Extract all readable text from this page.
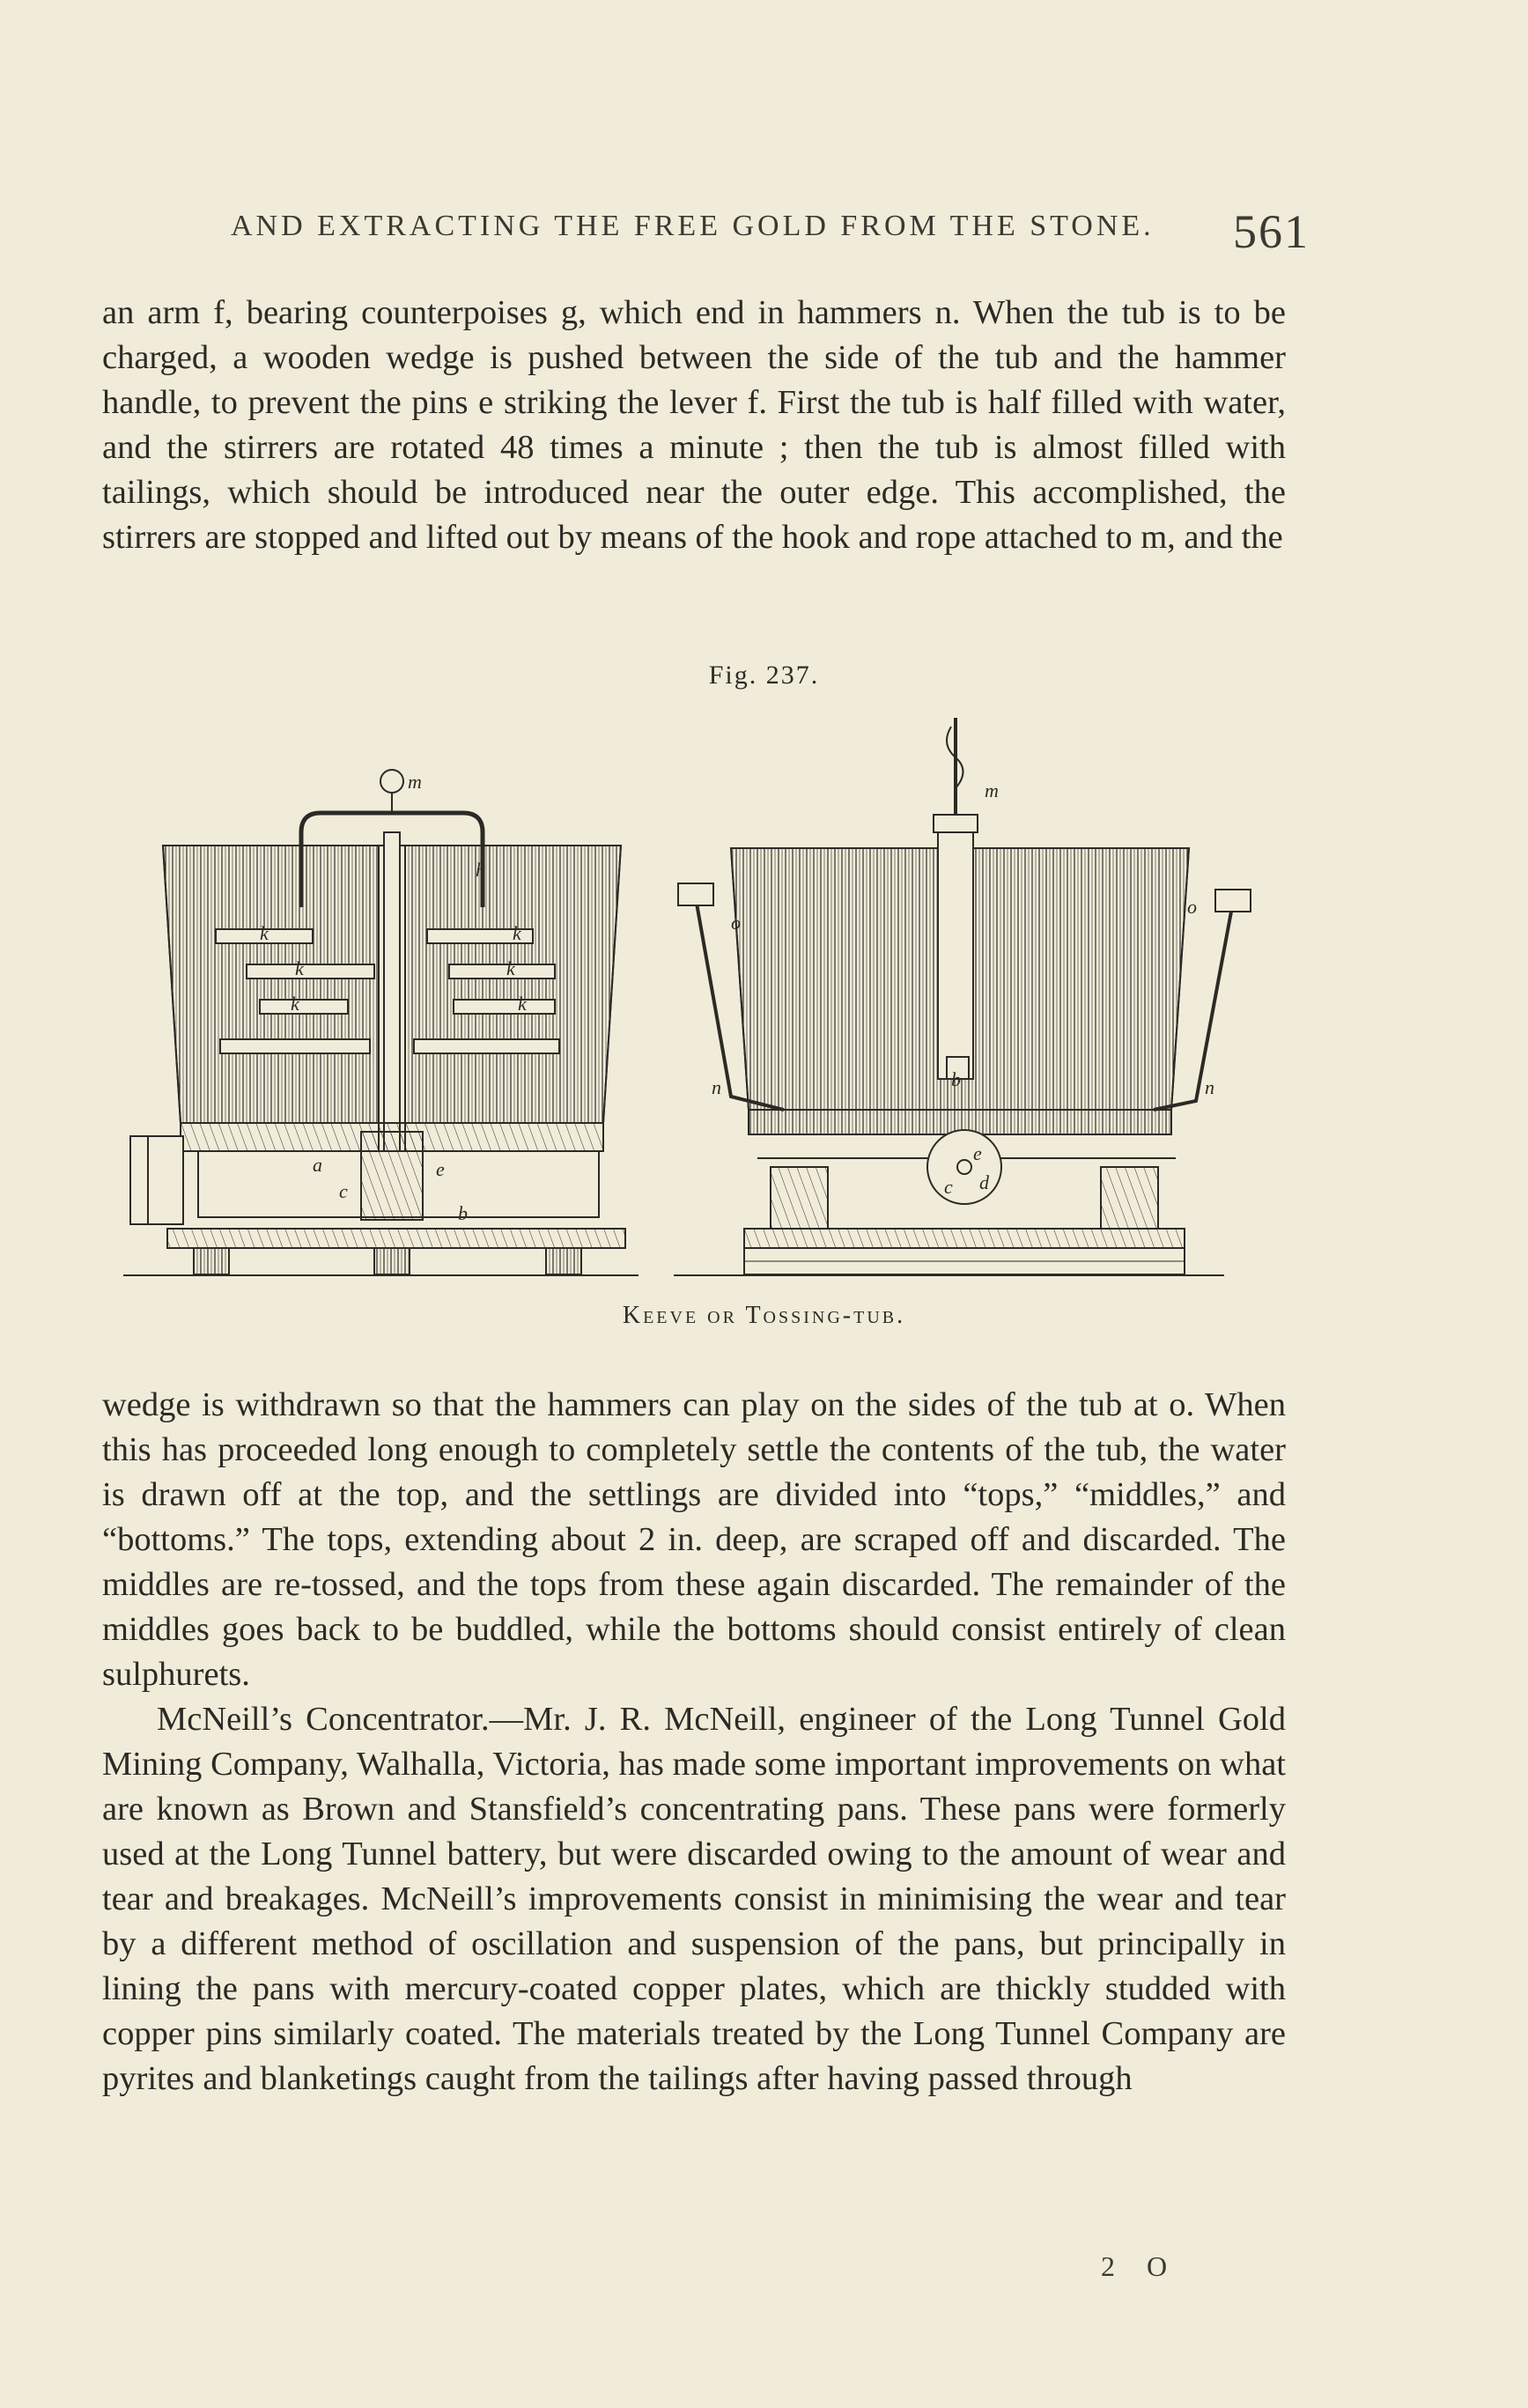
AND EXTRACTING THE FREE GOLD FROM THE STONE.	561

an arm f, bearing counterpoises g, which end in hammers n. When the tub is to be charged, a wooden wedge is pushed between the side of the tub and the hammer handle, to prevent the pins e striking the lever f. First the tub is half filled with water, and the stirrers are rotated 48 times a minute ; then the tub is almost filled with tailings, which should be introduced near the outer edge. This accomplished, the stirrers are stopped and lifted out by means of the hook and rope attached to m, and the

Fig. 237.
m
k
k
k
h
k
k
k
e
a
c
b
m
n
o
b	n
o
e
d
c
Keeve or Tossing-tub.

wedge is withdrawn so that the hammers can play on the sides of the tub at o. When this has proceeded long enough to completely settle the contents of the tub, the water is drawn off at the top, and the settlings are divided into “tops,” “middles,” and “bottoms.” The tops, extending about 2 in. deep, are scraped off and discarded. The middles are re-tossed, and the tops from these again discarded. The remainder of the middles goes back to be buddled, while the bottoms should consist entirely of clean sulphurets.

McNeill’s Concentrator.—Mr. J. R. McNeill, engineer of the Long Tunnel Gold Mining Company, Walhalla, Victoria, has made some important improvements on what are known as Brown and Stansfield’s concentrating pans. These pans were formerly used at the Long Tunnel battery, but were discarded owing to the amount of wear and tear and breakages. McNeill’s improvements consist in minimising the wear and tear by a different method of oscillation and suspension of the pans, but principally in lining the pans with mercury-coated copper plates, which are thickly studded with copper pins similarly coated. The materials treated by the Long Tunnel Company are pyrites and blanketings caught from the tailings after having passed through

2 O
